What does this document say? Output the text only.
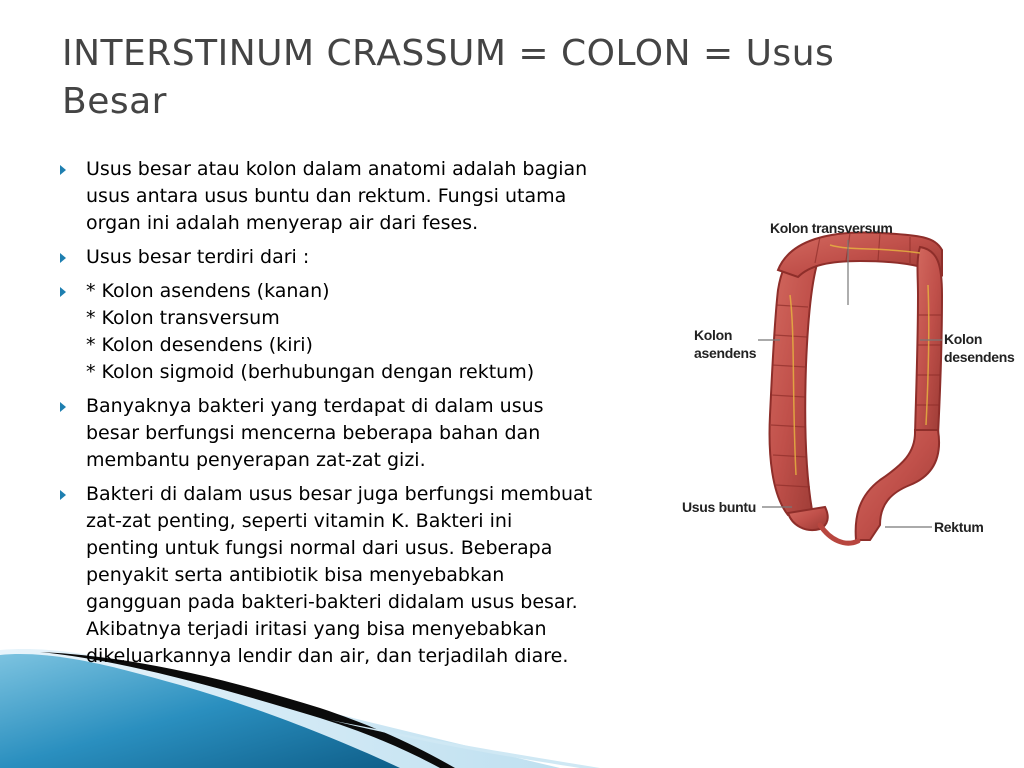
INTERSTINUM CRASSUM = COLON = Usus Besar
Usus besar atau kolon dalam anatomi adalah bagian
usus antara usus buntu dan rektum. Fungsi utama
organ ini adalah menyerap air dari feses.
Usus besar terdiri dari :
* Kolon asendens (kanan)
* Kolon transversum
* Kolon desendens (kiri)
* Kolon sigmoid (berhubungan dengan rektum)
Banyaknya bakteri yang terdapat di dalam usus
besar berfungsi mencerna beberapa bahan dan
membantu penyerapan zat-zat gizi.
Bakteri di dalam usus besar juga berfungsi membuat
zat-zat penting, seperti vitamin K. Bakteri ini
penting untuk fungsi normal dari usus. Beberapa
penyakit serta antibiotik bisa menyebabkan
gangguan pada bakteri-bakteri didalam usus besar.
Akibatnya terjadi iritasi yang bisa menyebabkan
dikeluarkannya lendir dan air, dan terjadilah diare.
Kolon transversum
Kolon
asendens
Kolon
desendens
Usus buntu
Rektum
